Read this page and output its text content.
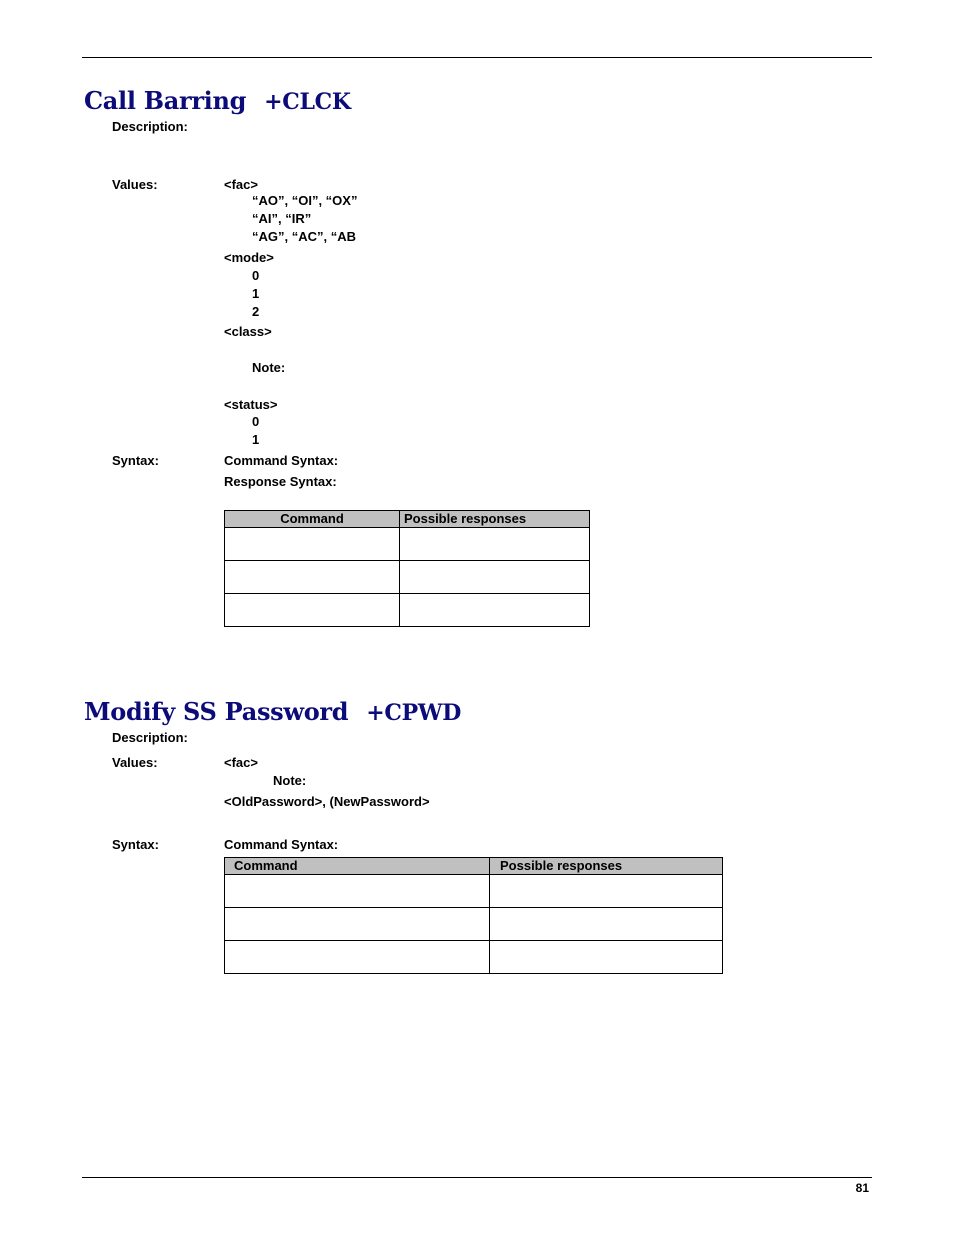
Call Barring +CLCK
Description:
Values:	<fac>
“AO”, “OI”, “OX”
“AI”, “IR”
“AG”, “AC”, “AB
<mode>
0
1
2
<class>
Note:
<status>
0
1
Syntax:	Command Syntax:
Response Syntax:
Command	Possible responses

Modify SS Password +CPWD
Description:
Values:	<fac>
Note:
<OldPassword>, (NewPassword>
Syntax:	Command Syntax:
Command	Possible responses

81
